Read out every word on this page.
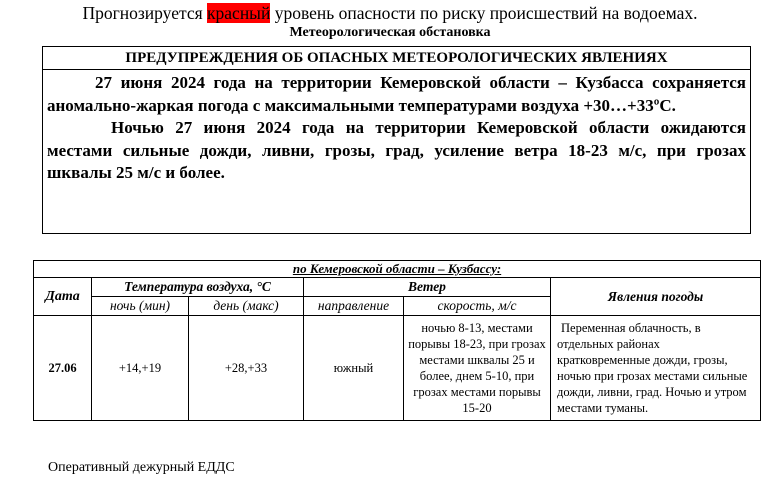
Прогнозируется красный уровень опасности по риску происшествий на водоемах.
Метеорологическая обстановка
ПРЕДУПРЕЖДЕНИЯ ОБ ОПАСНЫХ МЕТЕОРОЛОГИЧЕСКИХ ЯВЛЕНИЯХ

27 июня 2024 года на территории Кемеровской области – Кузбасса сохраняется аномально-жаркая погода с максимальными температурами воздуха +30…+33ºС.

Ночью 27 июня 2024 года на территории Кемеровской области ожидаются местами сильные дожди, ливни, грозы, град, усиление ветра 18-23 м/с, при грозах шквалы 25 м/с и более.

по Кемеровской области – Кузбассу:					
Дата	Температура воздуха, °С		Ветер		Явления погоды
	ночь (мин)	день (макс)	направление	скорость, м/с	
27.06	+14,+19	+28,+33	южный	ночью 8-13, местами порывы 18-23, при грозах местами шквалы 25 и более, днем 5-10, при грозах местами порывы 15-20	Переменная облачность, в отдельных районах кратковременные дожди, грозы, ночью при грозах местами сильные дожди, ливни, град. Ночью и утром местами туманы.
Оперативный дежурный ЕДДС
